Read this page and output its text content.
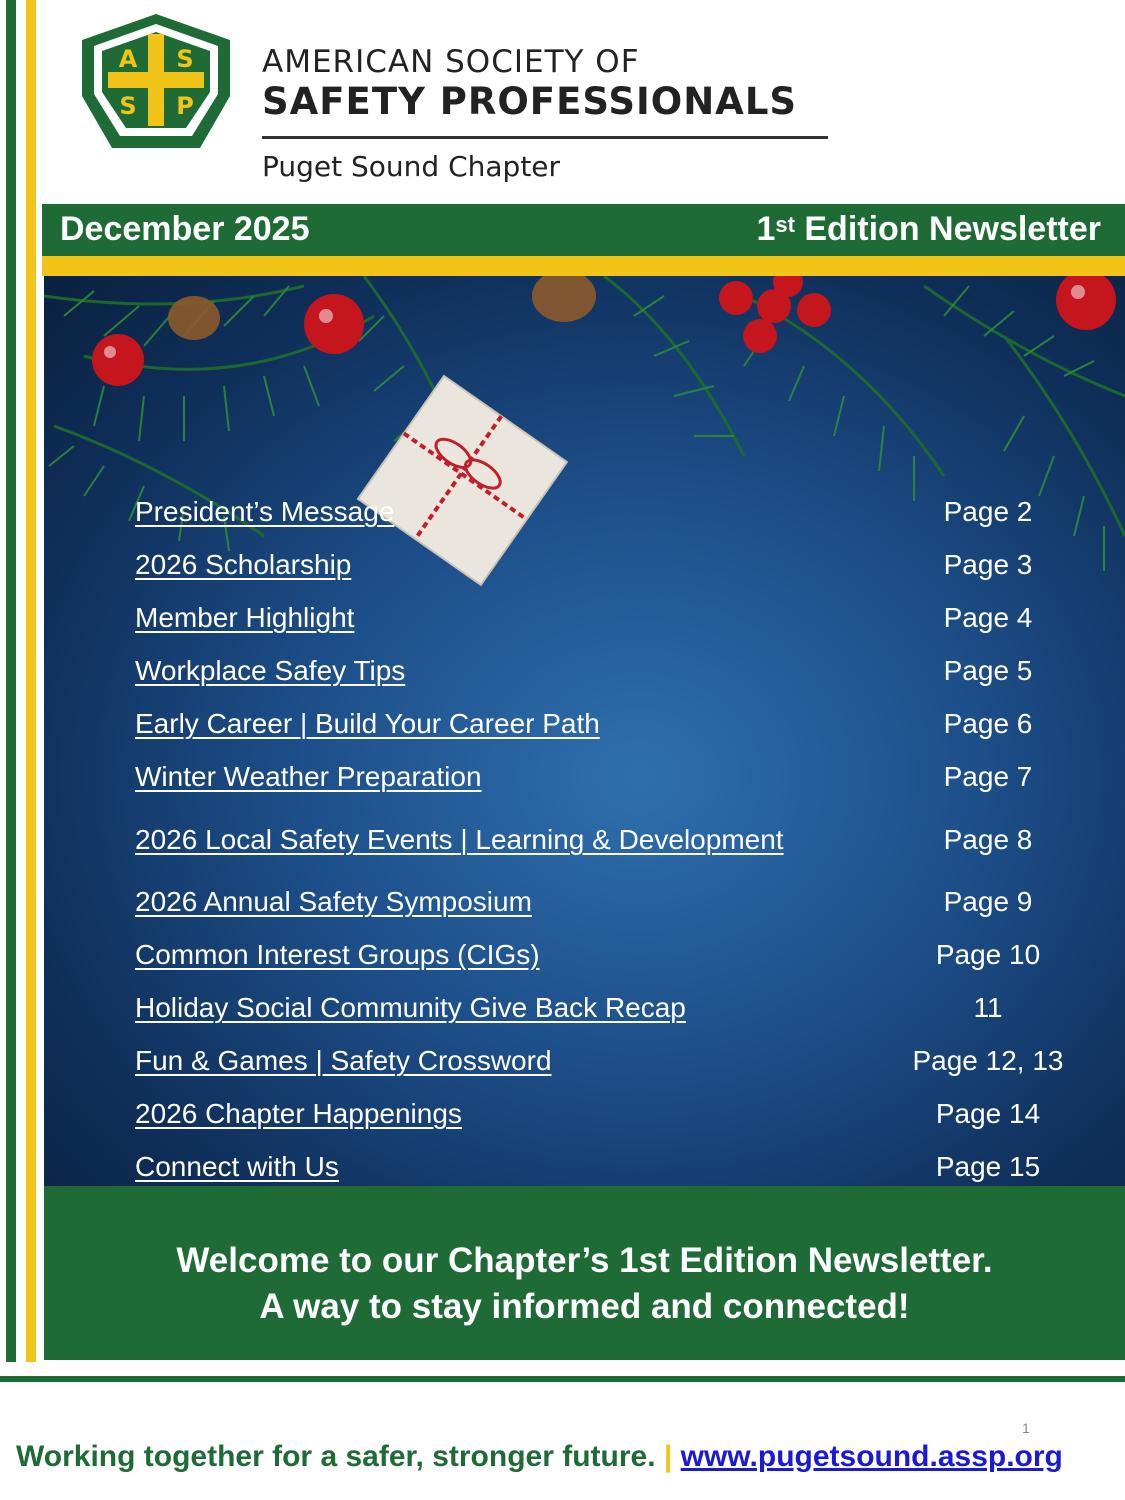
A S
S P
AMERICAN SOCIETY OF
SAFETY PROFESSIONALS
Puget Sound Chapter
December 2025	1st Edition Newsletter
President’s Message	Page 2
2026 Scholarship	Page 3
Member Highlight	Page 4
Workplace Safey Tips	Page 5
Early Career | Build Your Career Path	Page 6
Winter Weather Preparation	Page 7
2026 Local Safety Events | Learning & Development	Page 8
2026 Annual Safety Symposium	Page 9
Common Interest Groups (CIGs)	Page 10
Holiday Social Community Give Back Recap	11
Fun & Games | Safety Crossword	Page 12, 13
2026 Chapter Happenings	Page 14
Connect with Us	Page 15
Welcome to our Chapter’s 1st Edition Newsletter.
A way to stay informed and connected!
1
Working together for a safer, stronger future. | www.pugetsound.assp.org
